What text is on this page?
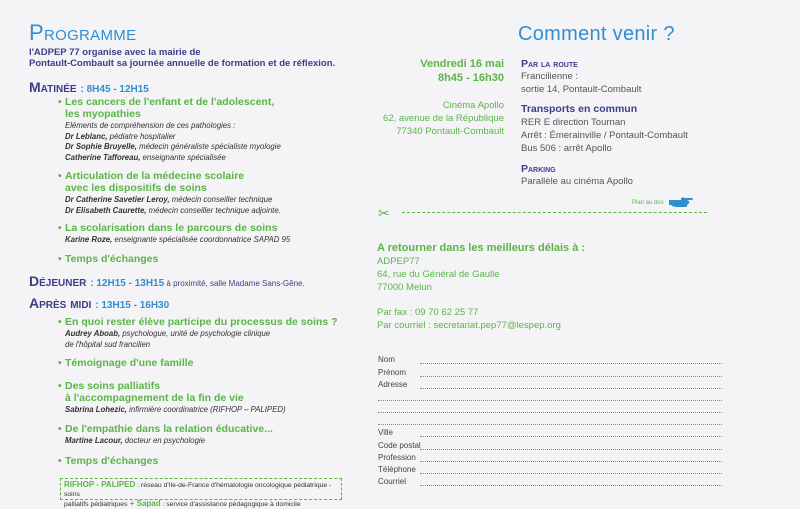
Programme
l'ADPEP 77 organise avec la mairie de
Pontault-Combault sa journée annuelle de formation et de réflexion.
Matinée : 8H45 - 12H15
• Les cancers de l'enfant et de l'adolescent,
les myopathies
Eléments de compréhension de ces pathologies :
Dr Leblanc, pédiatre hospitalier
Dr Sophie Bruyelle, médecin généraliste spécialiste myologie
Catherine Tafforeau, enseignante spécialisée
• Articulation de la médecine scolaire
avec les dispositifs de soins
Dr Catherine Savetier Leroy, médecin conseiller technique
Dr Elisabeth Caurette, médecin conseiller technique adjointe.
• La scolarisation dans le parcours de soins
Karine Roze, enseignante spécialisée coordonnatrice SAPAD 95
• Temps d'échanges
Déjeuner : 12H15 - 13H15 à proximité, salle Madame Sans-Gêne.
Après midi : 13H15 - 16H30
• En quoi rester élève participe du processus de soins ?
Audrey Aboab, psychologue, unité de psychologie clinique
de l'hôpital sud francilien
• Témoignage d'une famille
• Des soins palliatifs
à l'accompagnement de la fin de vie
Sabrina Lohezic, infirmière coordinatrice (RIFHOP – PALIPED)
• De l'empathie dans la relation éducative...
Martine Lacour, docteur en psychologie
• Temps d'échanges
RIFHOP - PALIPED : réseau d'Ile-de-France d'hématologie oncologique pédiatrique - soins
palliatifs pédiatriques + Sapad : service d'assistance pédagogique à domicile
Vendredi 16 mai
8h45 - 16h30
Cinéma Apollo
62, avenue de la République
77340 Pontault-Combault
Comment venir ?
Par la route
Francilienne :
sortie 14, Pontault-Combault
Transports en commun
RER E direction Tournan
Arrêt : Émerainville / Pontault-Combault
Bus 506 : arrêt Apollo
Parking
Parallèle au cinéma Apollo
Plan au dos
✂
A retourner dans les meilleurs délais à :
ADPEP77
64, rue du Général de Gaulle
77000 Melun
Par fax : 09 70 62 25 77
Par courriel : secretariat.pep77@lespep.org
Nom
Prénom
Adresse
Ville
Code postal
Profession
Téléphone
Courriel
